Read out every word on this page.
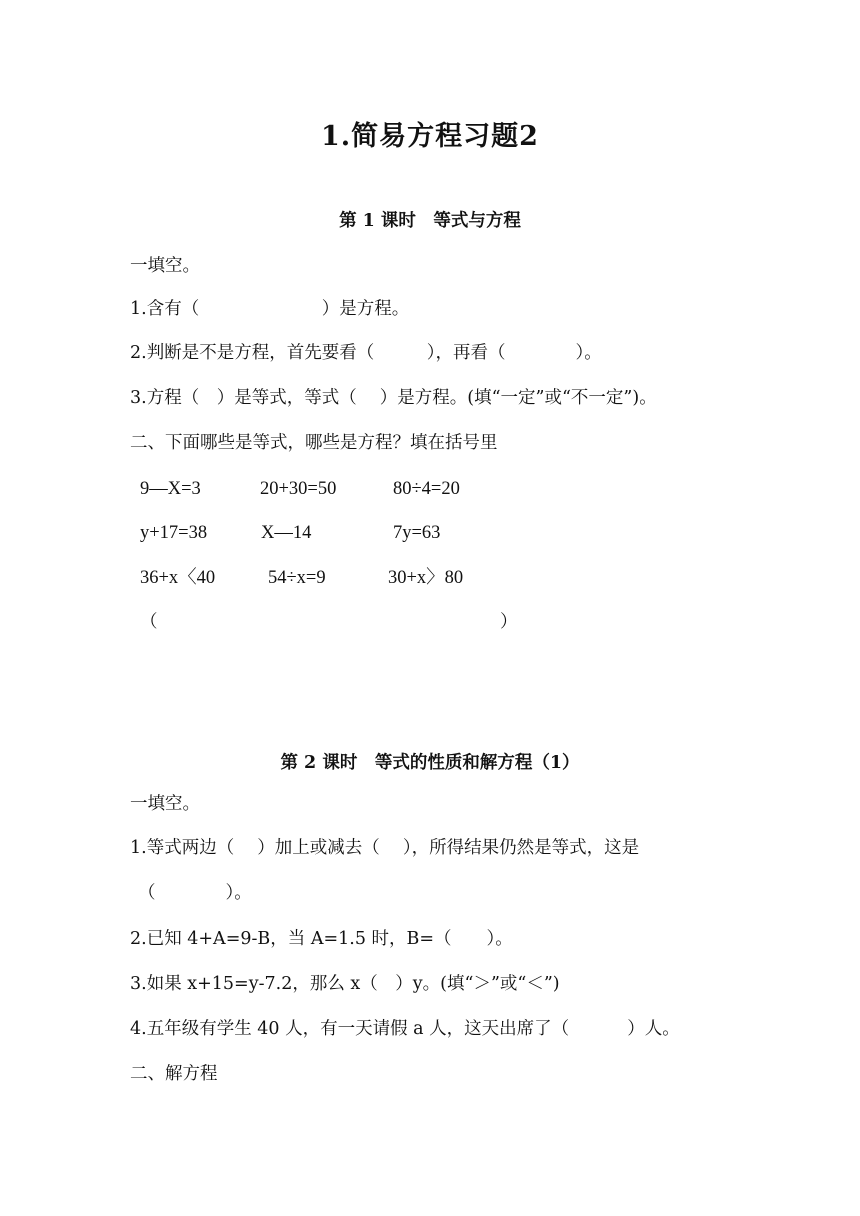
1.简易方程习题2
第 1 课时　等式与方程
一填空。
1.含有（　　　　　　　）是方程。
2.判断是不是方程，首先要看（　　　），再看（　　　　）。
3.方程（　）是等式，等式（　 ）是方程。(填“一定”或“不一定”)。
二、下面哪些是等式，哪些是方程？填在括号里
9—X=3	20+30=50	80÷4=20
y+17=38	X—14	7y=63
36+x〈40	54÷x=9	30+x〉80
（	）
第 2 课时　等式的性质和解方程（1）
一填空。
1.等式两边（　 ）加上或减去（　 ），所得结果仍然是等式，这是
（　　　　）。
2.已知 4+A=9-B，当 A=1.5 时，B=（　　）。
3.如果 x+15=y-7.2，那么 x（　）y。(填“＞”或“＜”)
4.五年级有学生 40 人，有一天请假 a 人，这天出席了（　　　 ）人。
二、解方程
